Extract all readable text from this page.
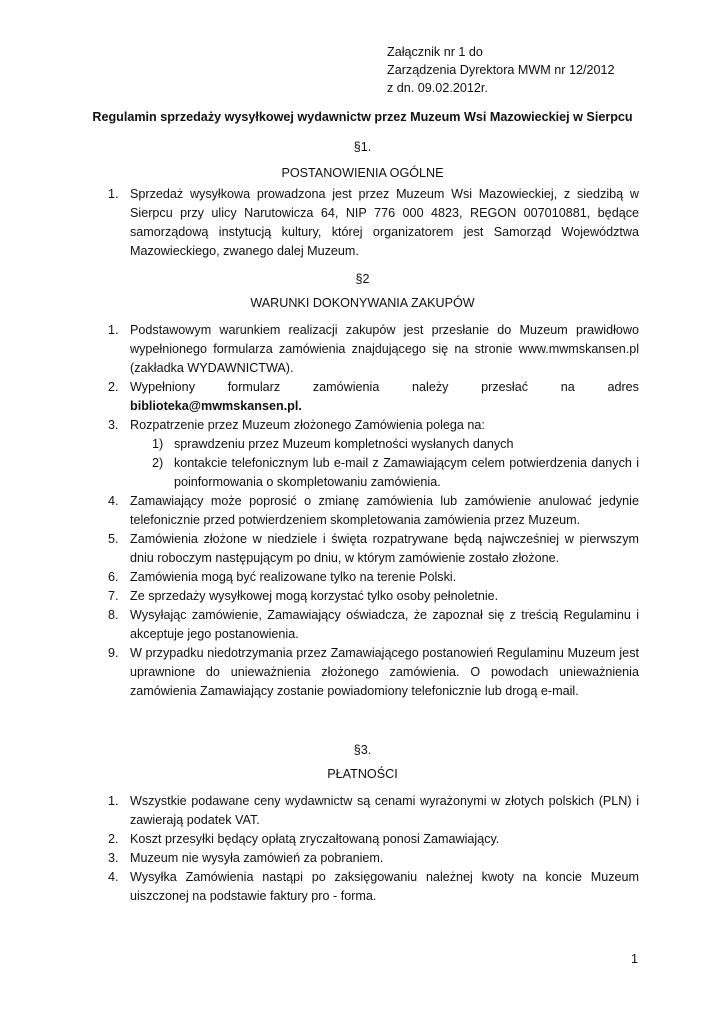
Załącznik nr 1 do
Zarządzenia Dyrektora MWM nr 12/2012
z dn. 09.02.2012r.
Regulamin sprzedaży wysyłkowej wydawnictw przez Muzeum Wsi Mazowieckiej w Sierpcu
§1.
POSTANOWIENIA OGÓLNE
1. Sprzedaż wysyłkowa prowadzona jest przez Muzeum Wsi Mazowieckiej, z siedzibą w Sierpcu przy ulicy Narutowicza 64, NIP 776 000 4823, REGON 007010881, będące samorządową instytucją kultury, której organizatorem jest Samorząd Województwa Mazowieckiego, zwanego dalej Muzeum.
§2
WARUNKI DOKONYWANIA ZAKUPÓW
1. Podstawowym warunkiem realizacji zakupów jest przesłanie do Muzeum prawidłowo wypełnionego formularza zamówienia znajdującego się na stronie www.mwmskansen.pl (zakładka WYDAWNICTWA).
2. Wypełniony	formularz	zamówienia	należy	przesłać	na	adres
biblioteka@mwmskansen.pl.
3. Rozpatrzenie przez Muzeum złożonego Zamówienia polega na:
1) sprawdzeniu przez Muzeum kompletności wysłanych danych
2) kontakcie telefonicznym lub e-mail z Zamawiającym celem potwierdzenia danych i poinformowania o skompletowaniu zamówienia.
4. Zamawiający może poprosić o zmianę zamówienia lub zamówienie anulować jedynie telefonicznie przed potwierdzeniem skompletowania zamówienia przez Muzeum.
5. Zamówienia złożone w niedziele i święta rozpatrywane będą najwcześniej w pierwszym dniu roboczym następującym po dniu, w którym zamówienie zostało złożone.
6. Zamówienia mogą być realizowane tylko na terenie Polski.
7. Ze sprzedaży wysyłkowej mogą korzystać tylko osoby pełnoletnie.
8. Wysyłając zamówienie, Zamawiający oświadcza, że zapoznał się z treścią Regulaminu i akceptuje jego postanowienia.
9. W przypadku niedotrzymania przez Zamawiającego postanowień Regulaminu Muzeum jest uprawnione do unieważnienia złożonego zamówienia. O powodach unieważnienia zamówienia Zamawiający zostanie powiadomiony telefonicznie lub drogą e-mail.
§3.
PŁATNOŚCI
1. Wszystkie podawane ceny wydawnictw są cenami wyrażonymi w złotych polskich (PLN) i zawierają podatek VAT.
2. Koszt przesyłki będący opłatą zryczałtowaną ponosi Zamawiający.
3. Muzeum nie wysyła zamówień za pobraniem.
4. Wysyłka Zamówienia nastąpi po zaksięgowaniu należnej kwoty na koncie Muzeum uiszczonej na podstawie faktury pro - forma.
1
